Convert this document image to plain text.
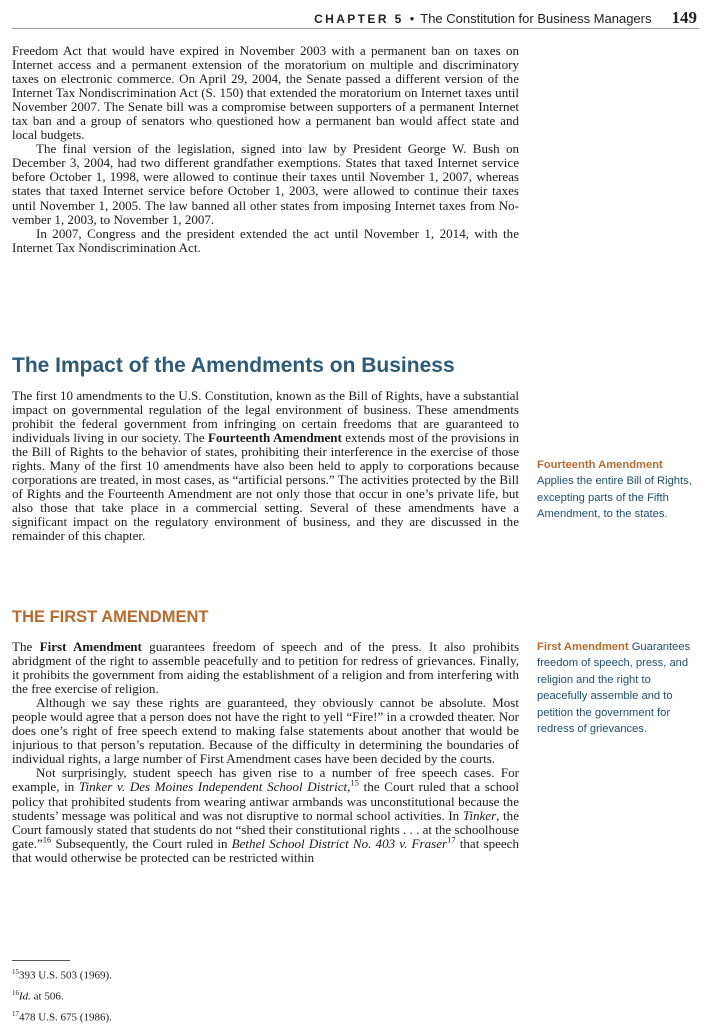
CHAPTER 5 • The Constitution for Business Managers 149

Freedom Act that would have expired in November 2003 with a permanent ban on taxes on Internet access and a permanent extension of the moratorium on multiple and discriminatory taxes on electronic commerce. On April 29, 2004, the Senate passed a different version of the Internet Tax Nondiscrimination Act (S. 150) that extended the moratorium on Internet taxes until November 2007. The Senate bill was a compromise between supporters of a permanent Internet tax ban and a group of senators who questioned how a permanent ban would affect state and local budgets.

The final version of the legislation, signed into law by President George W. Bush on December 3, 2004, had two different grandfather exemptions. States that taxed Internet service before October 1, 1998, were allowed to continue their taxes until November 1, 2007, whereas states that taxed Internet service before October 1, 2003, were allowed to continue their taxes until November 1, 2005. The law banned all other states from imposing Internet taxes from November 1, 2003, to November 1, 2007.

In 2007, Congress and the president extended the act until November 1, 2014, with the Internet Tax Nondiscrimination Act.

The Impact of the Amendments on Business

The first 10 amendments to the U.S. Constitution, known as the Bill of Rights, have a substantial impact on governmental regulation of the legal environment of business. These amendments prohibit the federal government from infringing on certain freedoms that are guaranteed to individuals living in our society. The Fourteenth Amendment extends most of the provisions in the Bill of Rights to the behavior of states, prohibiting their interference in the exercise of those rights. Many of the first 10 amendments have also been held to apply to corporations because corporations are treated, in most cases, as “artificial persons.” The activities protected by the Bill of Rights and the Fourteenth Amendment are not only those that occur in one’s private life, but also those that take place in a commercial setting. Several of these amendments have a significant impact on the regulatory environment of business, and they are discussed in the remainder of this chapter.

THE FIRST AMENDMENT

The First Amendment guarantees freedom of speech and of the press. It also prohibits abridgment of the right to assemble peacefully and to petition for redress of grievances. Finally, it prohibits the government from aiding the establishment of a religion and from interfering with the free exercise of religion.

Although we say these rights are guaranteed, they obviously cannot be absolute. Most people would agree that a person does not have the right to yell “Fire!” in a crowded theater. Nor does one’s right of free speech extend to making false statements about another that would be injurious to that person’s reputation. Because of the difficulty in determining the boundaries of individual rights, a large number of First Amendment cases have been decided by the courts.

Not surprisingly, student speech has given rise to a number of free speech cases. For example, in Tinker v. Des Moines Independent School District,$^{15}$ the Court ruled that a school policy that prohibited students from wearing antiwar armbands was unconstitutional because the students’ message was political and was not disruptive to normal school activities. In Tinker, the Court famously stated that students do not “shed their constitutional rights . . . at the schoolhouse gate.”$^{16}$ Subsequently, the Court ruled in Bethel School District No. 403 v. Fraser$^{17}$ that speech that would otherwise be protected can be restricted within

Fourteenth Amendment
Applies the entire Bill of Rights, excepting parts of the Fifth Amendment, to the states.
First Amendment Guarantees freedom of speech, press, and religion and the right to peacefully assemble and to petition the government for redress of grievances.
$^{15}$393 U.S. 503 (1969).
$^{16}$Id. at 506.
$^{17}$478 U.S. 675 (1986).
